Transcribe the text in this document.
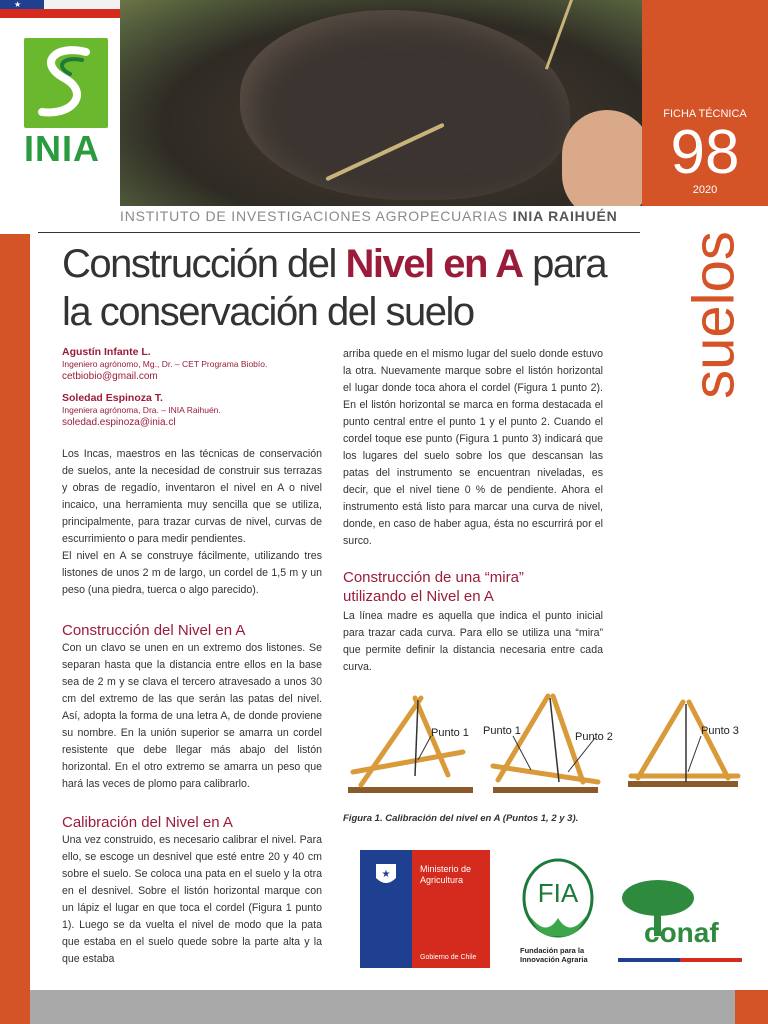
★
INIA
FICHA TÉCNICA
98
2020
INSTITUTO DE INVESTIGACIONES AGROPECUARIAS INIA RAIHUÉN
suelos
Construcción del Nivel en A para la conservación del suelo
Agustín Infante L.
Ingeniero agrónomo, Mg., Dr. – CET Programa Biobío.
cetbiobio@gmail.com
Soledad Espinoza T.
Ingeniera agrónoma, Dra. – INIA Raihuén.
soledad.espinoza@inia.cl

Los Incas, maestros en las técnicas de conservación de suelos, ante la necesidad de construir sus terrazas y obras de regadío, inventaron el nivel en A o nivel incaico, una herramienta muy sencilla que se utiliza, principalmente, para trazar curvas de nivel, curvas de escurrimiento o para medir pendientes.

El nivel en A se construye fácilmente, utilizando tres listones de unos 2 m de largo, un cordel de 1,5 m y un peso (una piedra, tuerca o algo parecido).

Construcción del Nivel en A

Con un clavo se unen en un extremo dos listones. Se separan hasta que la distancia entre ellos en la base sea de 2 m y se clava el tercero atravesado a unos 30 cm del extremo de las que serán las patas del nivel. Así, adopta la forma de una letra A, de donde proviene su nombre. En la unión superior se amarra un cordel resistente que debe llegar más abajo del listón horizontal. En el otro extremo se amarra un peso que hará las veces de plomo para calibrarlo.

Calibración del Nivel en A

Una vez construido, es necesario calibrar el nivel. Para ello, se escoge un desnivel que esté entre 20 y 40 cm sobre el suelo. Se coloca una pata en el suelo y la otra en el desnivel. Sobre el listón horizontal marque con un lápiz el lugar en que toca el cordel (Figura 1 punto 1). Luego se da vuelta el nivel de modo que la pata que estaba en el suelo quede sobre la parte alta y la que estaba

arriba quede en el mismo lugar del suelo donde estuvo la otra. Nuevamente marque sobre el listón horizontal el lugar donde toca ahora el cordel (Figura 1 punto 2). En el listón horizontal se marca en forma destacada el punto central entre el punto 1 y el punto 2. Cuando el cordel toque ese punto (Figura 1 punto 3) indicará que los lugares del suelo sobre los que descansan las patas del instrumento se encuentran niveladas, es decir, que el nivel tiene 0 % de pendiente. Ahora el instrumento está listo para marcar una curva de nivel, donde, en caso de haber agua, ésta no escurrirá por el surco.

Construcción de una “mira” utilizando el Nivel en A

La línea madre es aquella que indica el punto inicial para trazar cada curva. Para ello se utiliza una “mira” que permite definir la distancia necesaria entre cada curva.

Punto 1 Punto 1	Punto 2	Punto 3
Figura 1. Calibración del nivel en A (Puntos 1, 2 y 3).
★	Ministerio de
Agricultura
Gobierno de Chile
FIA
Fundación para la
Innovación Agraria
conaf
